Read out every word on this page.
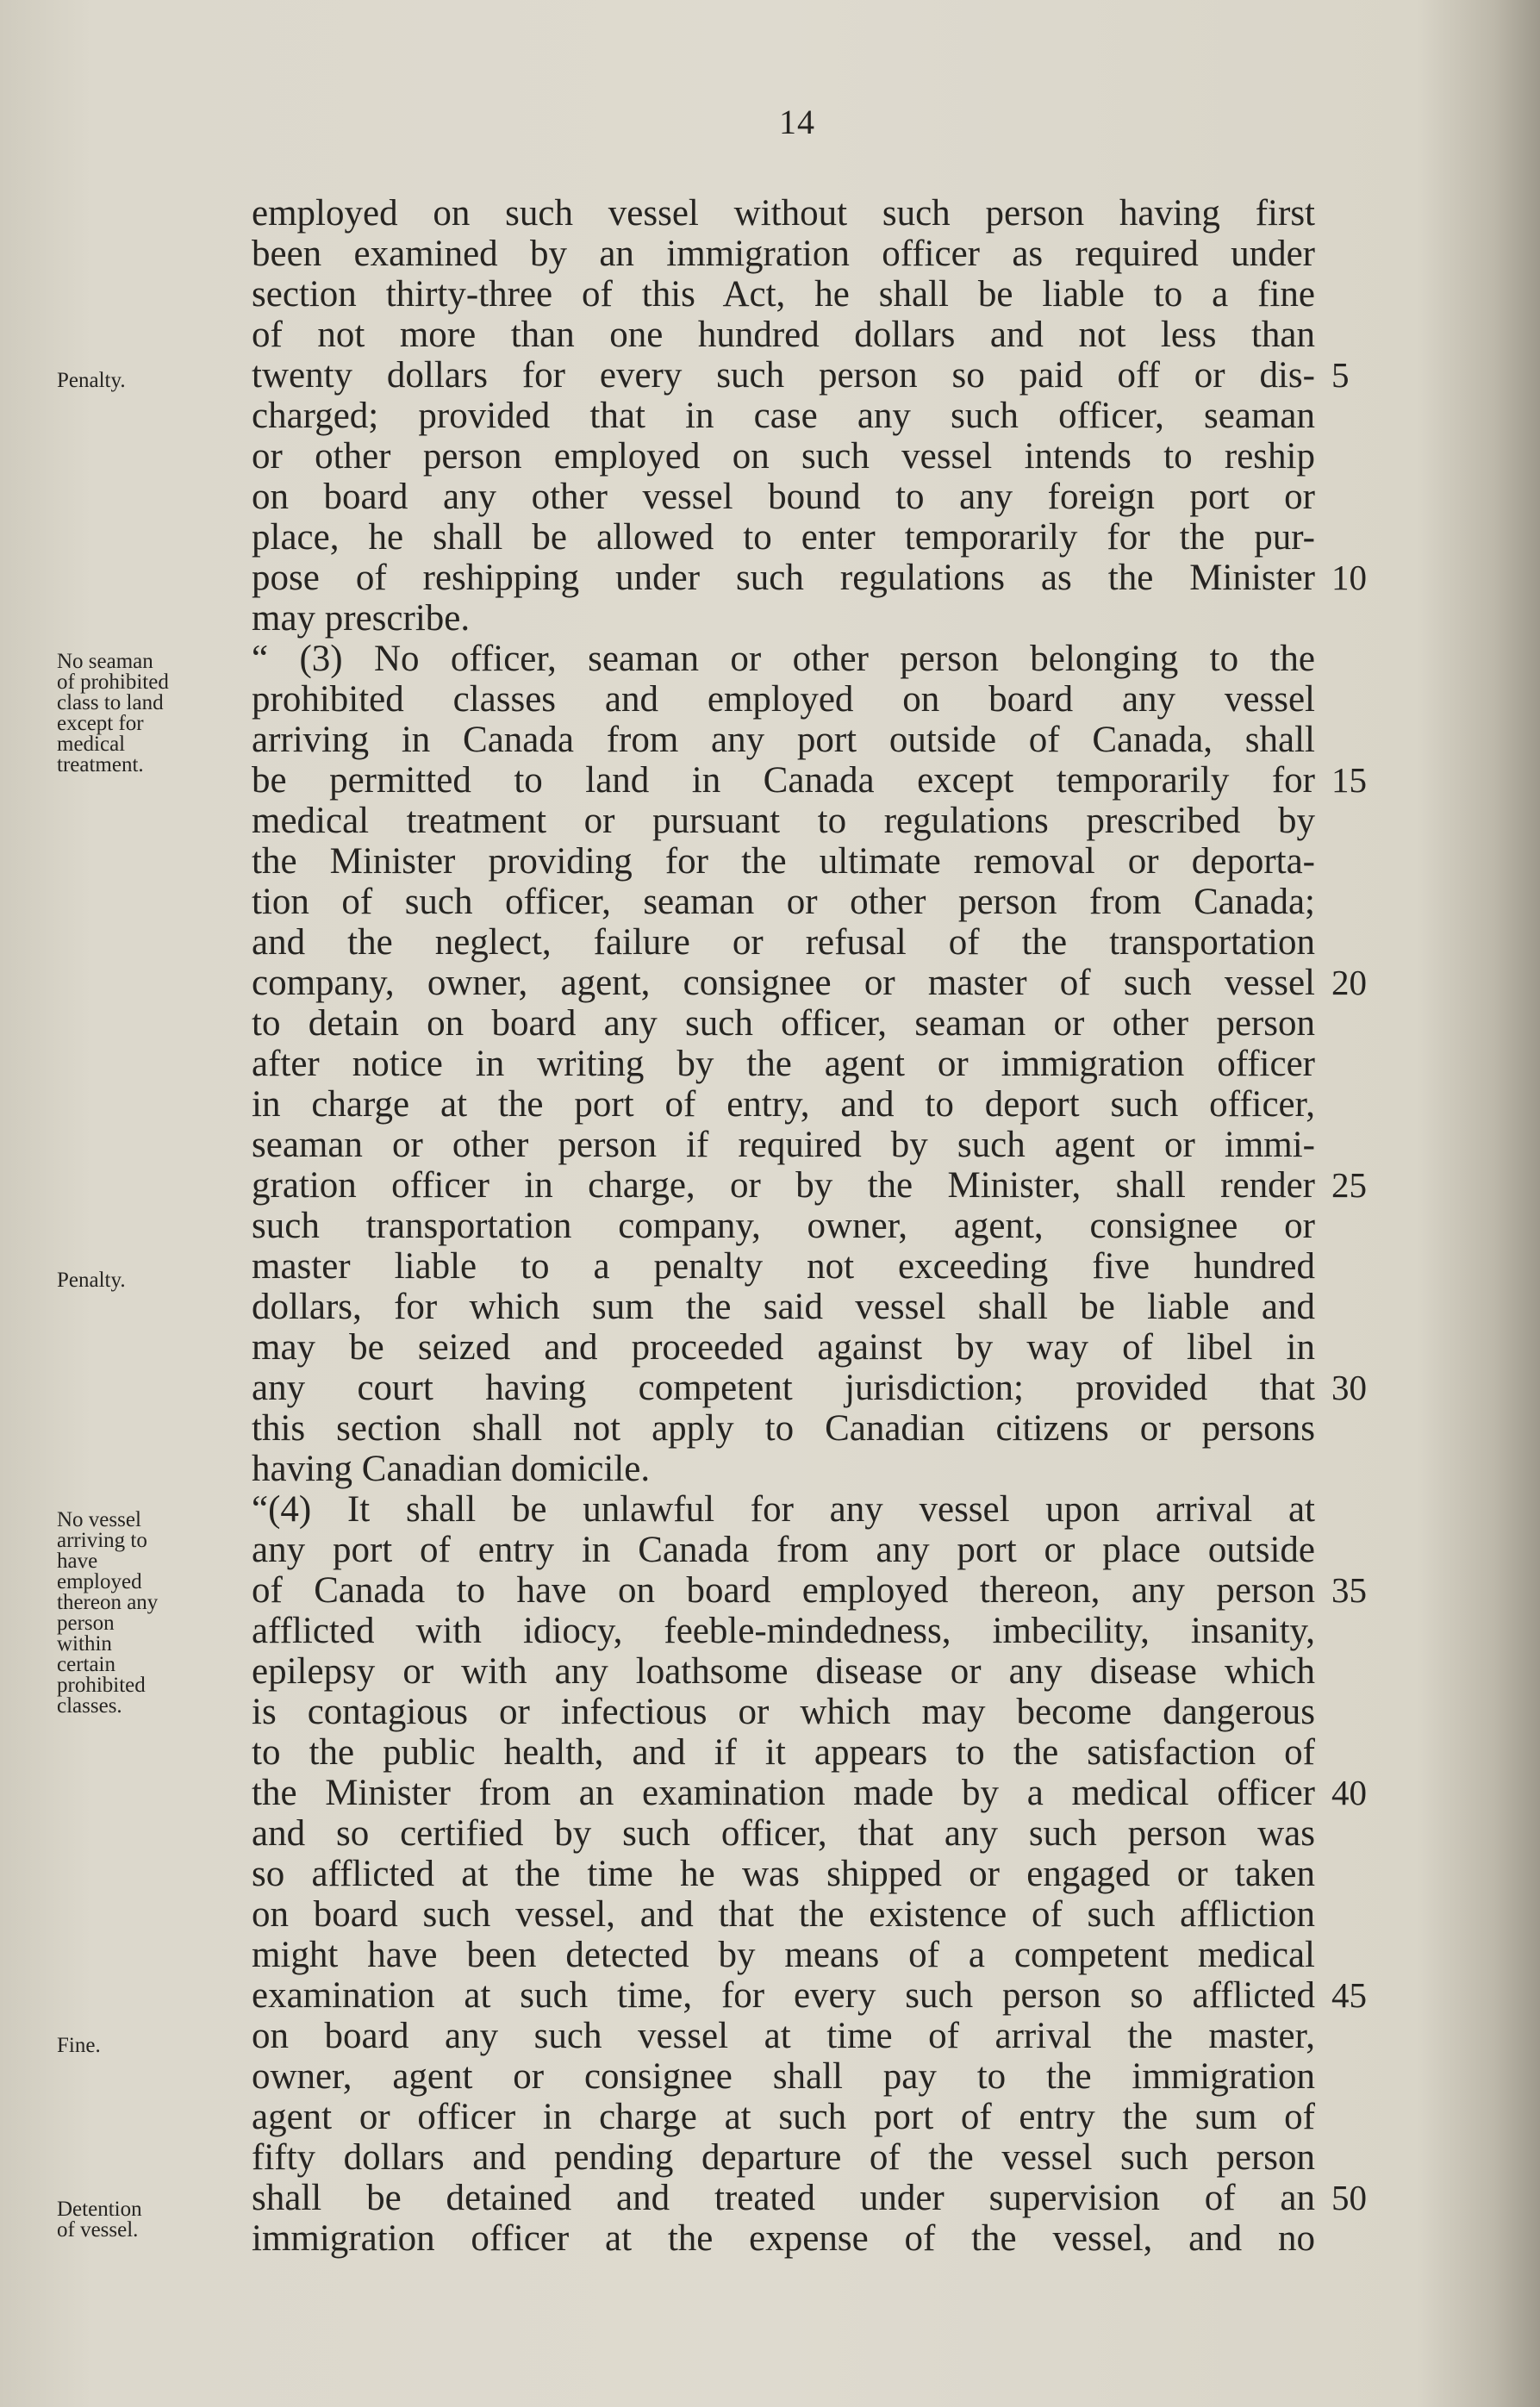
14
employed on such vessel without such person having first
been examined by an immigration officer as required under
section thirty-three of this Act, he shall be liable to a fine
of not more than one hundred dollars and not less than
twenty dollars for every such person so paid off or dis-
charged; provided that in case any such officer, seaman
or other person employed on such vessel intends to reship
on board any other vessel bound to any foreign port or
place, he shall be allowed to enter temporarily for the pur-
pose of reshipping under such regulations as the Minister
may prescribe.
“ (3) No officer, seaman or other person belonging to the
prohibited classes and employed on board any vessel
arriving in Canada from any port outside of Canada, shall
be permitted to land in Canada except temporarily for
medical treatment or pursuant to regulations prescribed by
the Minister providing for the ultimate removal or deporta-
tion of such officer, seaman or other person from Canada;
and the neglect, failure or refusal of the transportation
company, owner, agent, consignee or master of such vessel
to detain on board any such officer, seaman or other person
after notice in writing by the agent or immigration officer
in charge at the port of entry, and to deport such officer,
seaman or other person if required by such agent or immi-
gration officer in charge, or by the Minister, shall render
such transportation company, owner, agent, consignee or
master liable to a penalty not exceeding five hundred
dollars, for which sum the said vessel shall be liable and
may be seized and proceeded against by way of libel in
any court having competent jurisdiction; provided that
this section shall not apply to Canadian citizens or persons
having Canadian domicile.
“(4) It shall be unlawful for any vessel upon arrival at
any port of entry in Canada from any port or place outside
of Canada to have on board employed thereon, any person
afflicted with idiocy, feeble-mindedness, imbecility, insanity,
epilepsy or with any loathsome disease or any disease which
is contagious or infectious or which may become dangerous
to the public health, and if it appears to the satisfaction of
the Minister from an examination made by a medical officer
and so certified by such officer, that any such person was
so afflicted at the time he was shipped or engaged or taken
on board such vessel, and that the existence of such affliction
might have been detected by means of a competent medical
examination at such time, for every such person so afflicted
on board any such vessel at time of arrival the master,
owner, agent or consignee shall pay to the immigration
agent or officer in charge at such port of entry the sum of
fifty dollars and pending departure of the vessel such person
shall be detained and treated under supervision of an
immigration officer at the expense of the vessel, and no
5
10
15
20
25
30
35
40
45
50
Penalty.
No seaman
of prohibited
class to land
except for
medical
treatment.
Penalty.
No vessel
arriving to
have
employed
thereon any
person
within
certain
prohibited
classes.
Fine.
Detention
of vessel.
